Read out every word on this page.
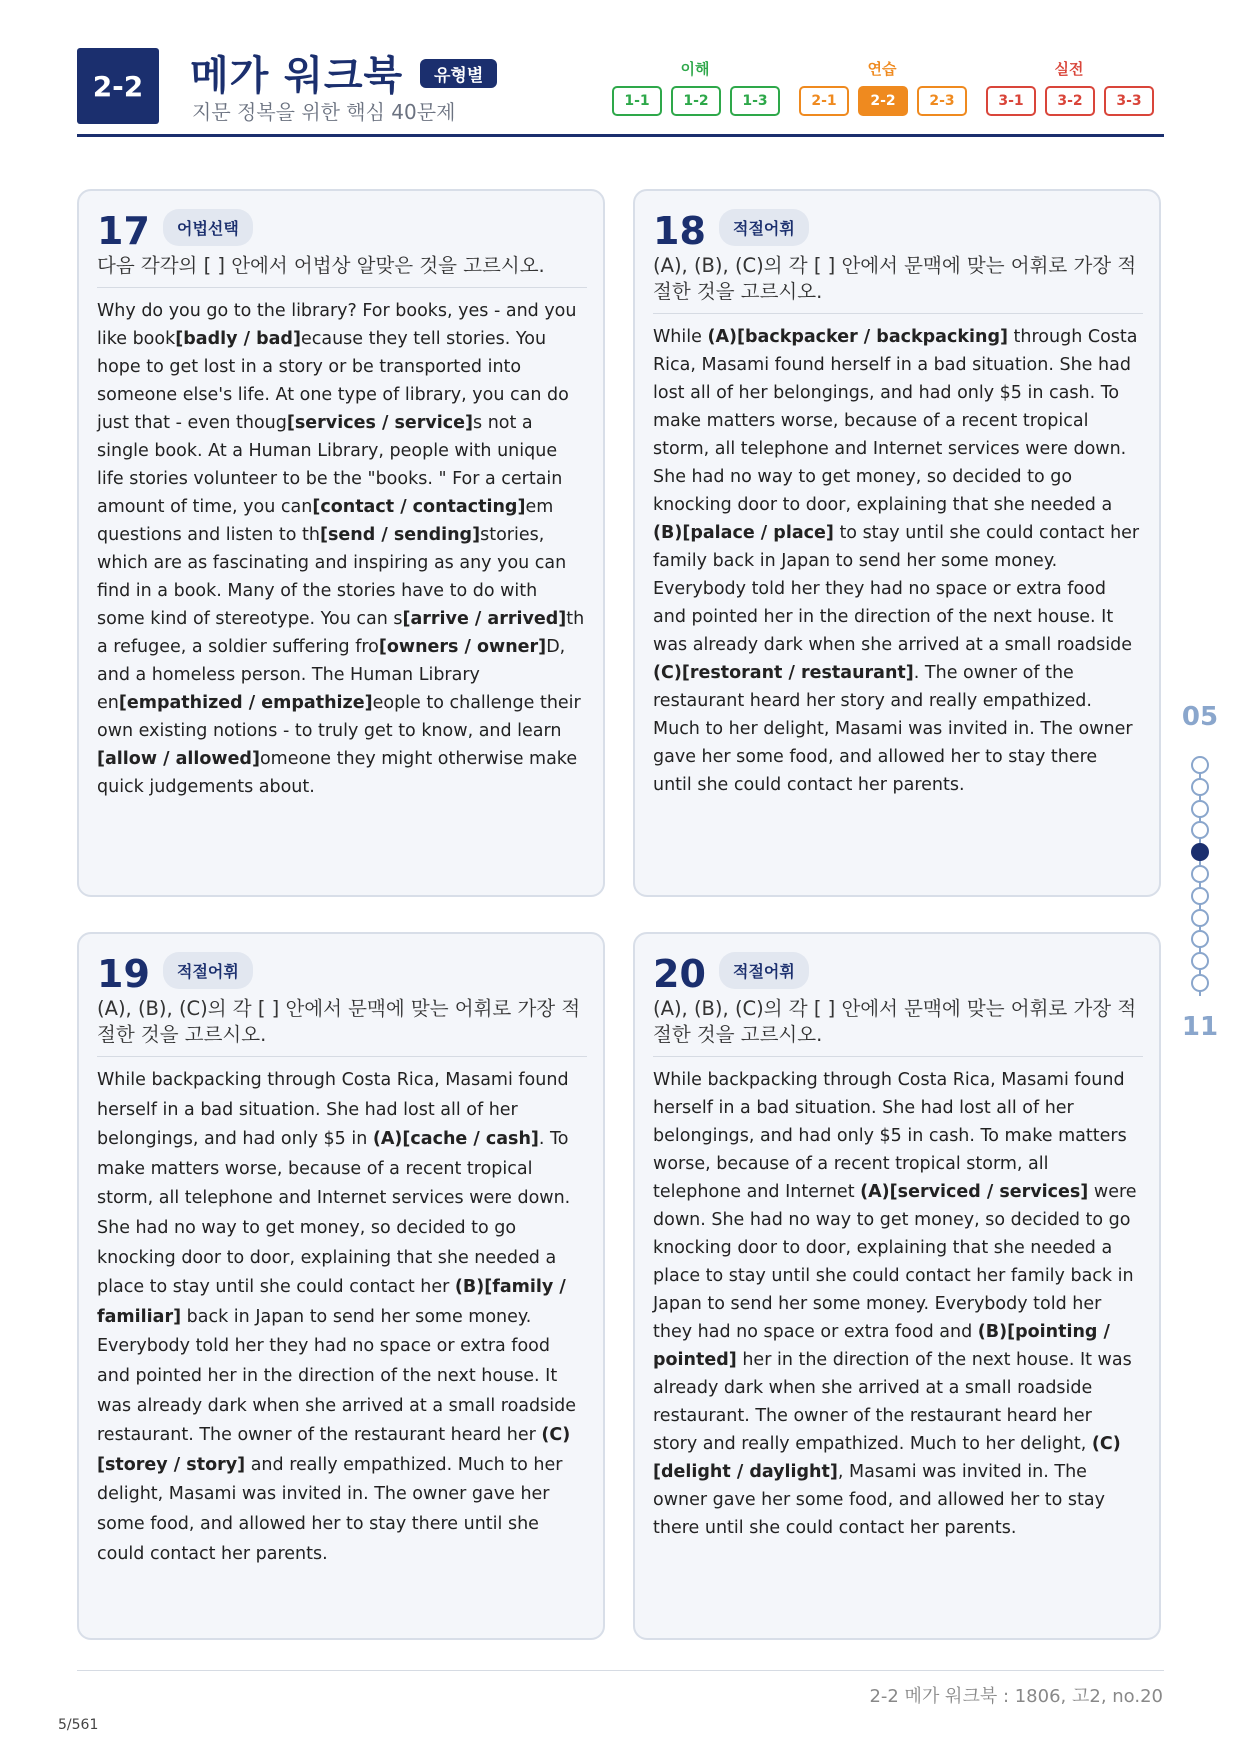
2-2	메가 워크북	유형별
지문 정복을 위한 핵심 40문제
이해	연습	실전
1-1	1-2	1-3	2-1	2-2	2-3	3-1	3-2	3-3
17	어법선택
다음 각각의 [ ] 안에서 어법상 알맞은 것을 고르시오.
Why do you go to the library? For books, yes - and you like book[badly / bad]ecause they tell stories. You hope to get lost in a story or be transported into someone else's life. At one type of library, you can do just that - even thoug[services / service]s not a single book. At a Human Library, people with unique life stories volunteer to be the "books. " For a certain amount of time, you can[contact / contacting]em questions and listen to th[send / sending]stories, which are as fascinating and inspiring as any you can find in a book. Many of the stories have to do with some kind of stereotype. You can s[arrive / arrived]th a refugee, a soldier suffering fro[owners / owner]D, and a homeless person. The Human Library en[empathized / empathize]eople to challenge their own existing notions - to truly get to know, and learn [allow / allowed]omeone they might otherwise make quick judgements about.
18	적절어휘
(A), (B), (C)의 각 [ ] 안에서 문맥에 맞는 어휘로 가장 적절한 것을 고르시오.
While (A)[backpacker / backpacking] through Costa Rica, Masami found herself in a bad situation. She had lost all of her belongings, and had only $5 in cash. To make matters worse, because of a recent tropical storm, all telephone and Internet services were down. She had no way to get money, so decided to go knocking door to door, explaining that she needed a (B)[palace / place] to stay until she could contact her family back in Japan to send her some money. Everybody told her they had no space or extra food and pointed her in the direction of the next house. It was already dark when she arrived at a small roadside (C)[restorant / restaurant]. The owner of the restaurant heard her story and really empathized. Much to her delight, Masami was invited in. The owner gave her some food, and allowed her to stay there until she could contact her parents.
19	적절어휘
(A), (B), (C)의 각 [ ] 안에서 문맥에 맞는 어휘로 가장 적절한 것을 고르시오.
While backpacking through Costa Rica, Masami found herself in a bad situation. She had lost all of her belongings, and had only $5 in (A)[cache / cash]. To make matters worse, because of a recent tropical storm, all telephone and Internet services were down. She had no way to get money, so decided to go knocking door to door, explaining that she needed a place to stay until she could contact her (B)[family / familiar] back in Japan to send her some money. Everybody told her they had no space or extra food and pointed her in the direction of the next house. It was already dark when she arrived at a small roadside restaurant. The owner of the restaurant heard her (C)[storey / story] and really empathized. Much to her delight, Masami was invited in. The owner gave her some food, and allowed her to stay there until she could contact her parents.
20	적절어휘
(A), (B), (C)의 각 [ ] 안에서 문맥에 맞는 어휘로 가장 적절한 것을 고르시오.
While backpacking through Costa Rica, Masami found herself in a bad situation. She had lost all of her belongings, and had only $5 in cash. To make matters worse, because of a recent tropical storm, all telephone and Internet (A)[serviced / services] were down. She had no way to get money, so decided to go knocking door to door, explaining that she needed a place to stay until she could contact her family back in Japan to send her some money. Everybody told her they had no space or extra food and (B)[pointing / pointed] her in the direction of the next house. It was already dark when she arrived at a small roadside restaurant. The owner of the restaurant heard her story and really empathized. Much to her delight, (C)[delight / daylight], Masami was invited in. The owner gave her some food, and allowed her to stay there until she could contact her parents.
05
11
2-2 메가 워크북 : 1806, 고2, no.20
5/561
